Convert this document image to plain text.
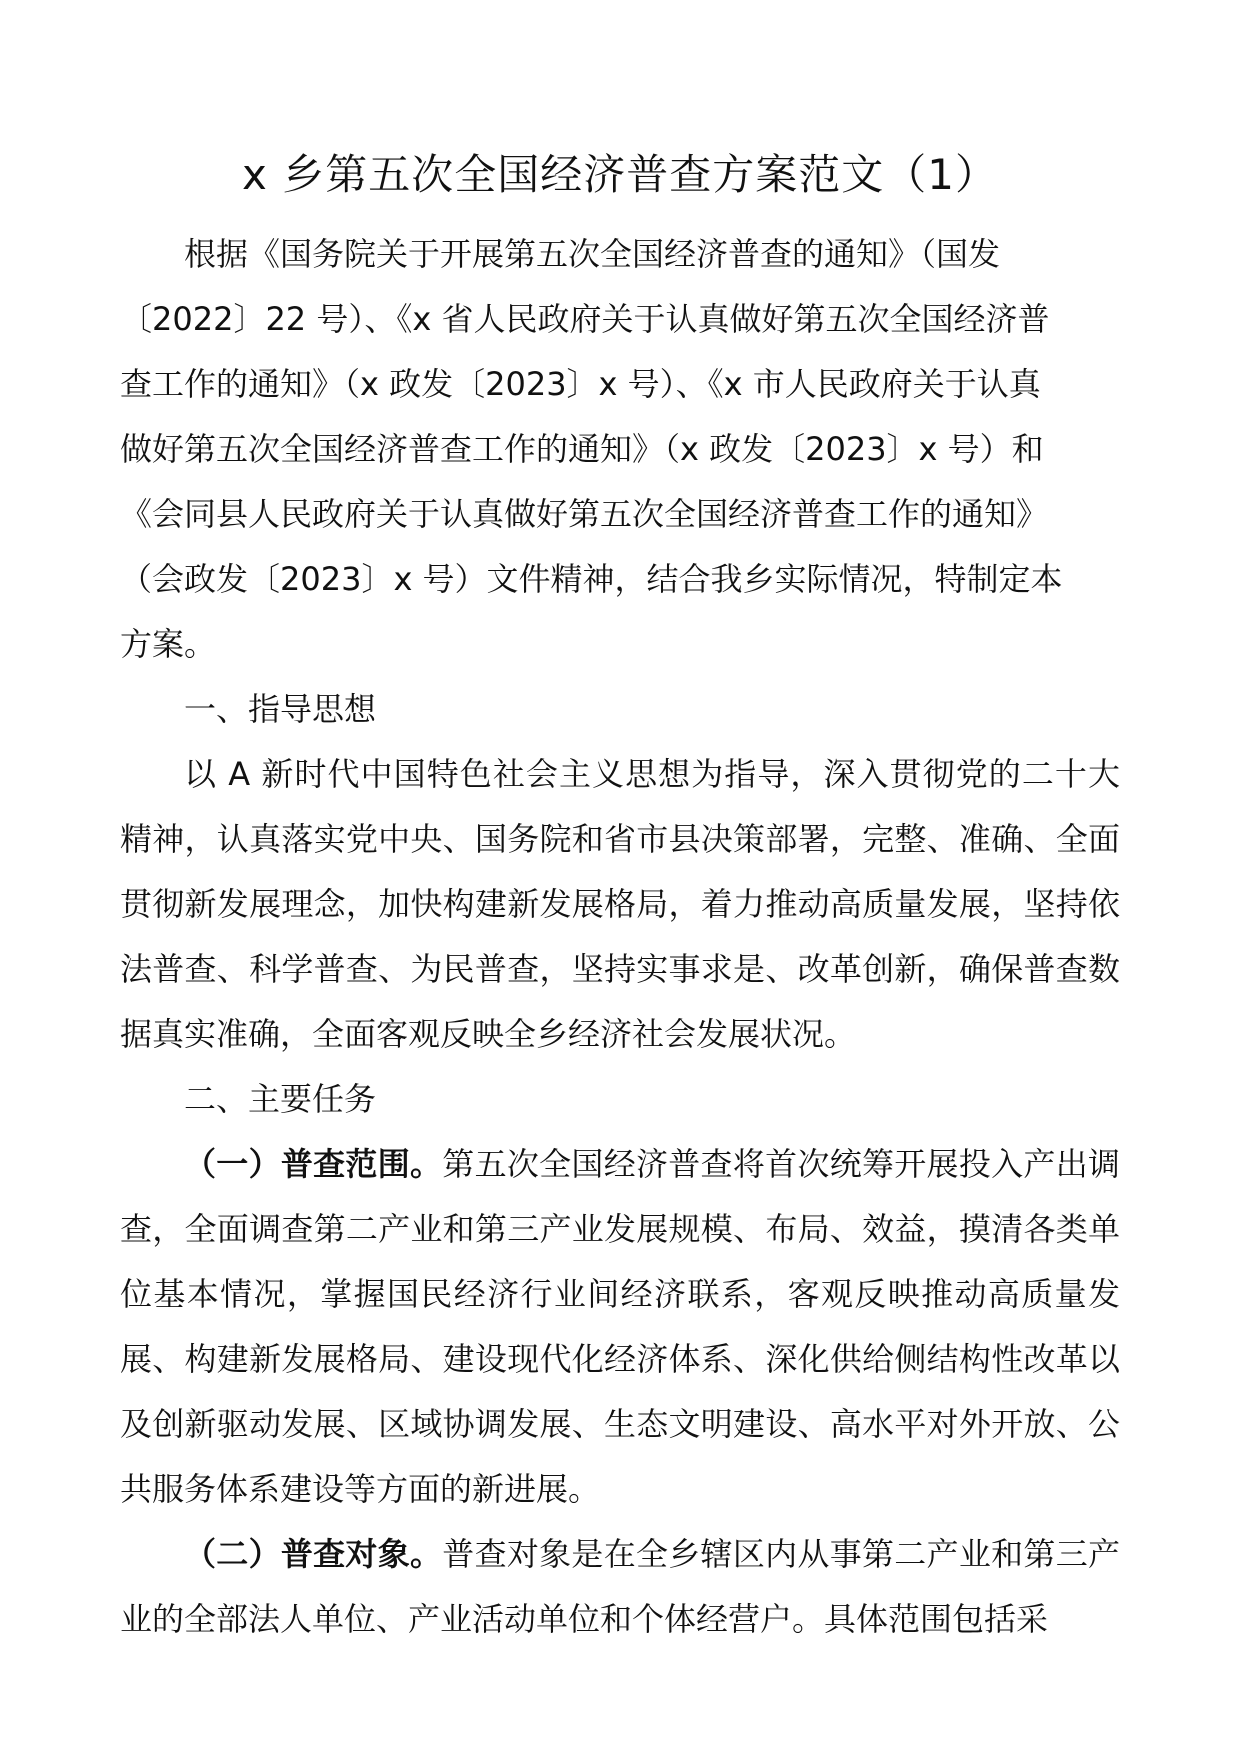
x 乡第五次全国经济普查方案范文（1）

根据《国务院关于开展第五次全国经济普查的通知》（国发

〔2022〕22 号）、《x 省人民政府关于认真做好第五次全国经济普

查工作的通知》（x 政发〔2023〕x 号）、《x 市人民政府关于认真

做好第五次全国经济普查工作的通知》（x 政发〔2023〕x 号）和

《会同县人民政府关于认真做好第五次全国经济普查工作的通知》

（会政发〔2023〕x 号）文件精神，结合我乡实际情况，特制定本

方案。

一、指导思想

以 A 新时代中国特色社会主义思想为指导，深入贯彻党的二十大精神，认真落实党中央、国务院和省市县决策部署，完整、准确、全面贯彻新发展理念，加快构建新发展格局，着力推动高质量发展，坚持依法普查、科学普查、为民普查，坚持实事求是、改革创新，确保普查数据真实准确，全面客观反映全乡经济社会发展状况。

二、主要任务

（一）普查范围。第五次全国经济普查将首次统筹开展投入产出调查，全面调查第二产业和第三产业发展规模、布局、效益，摸清各类单位基本情况，掌握国民经济行业间经济联系，客观反映推动高质量发展、构建新发展格局、建设现代化经济体系、深化供给侧结构性改革以及创新驱动发展、区域协调发展、生态文明建设、高水平对外开放、公共服务体系建设等方面的新进展。

（二）普查对象。普查对象是在全乡辖区内从事第二产业和第三产业的全部法人单位、产业活动单位和个体经营户。具体范围包括采
